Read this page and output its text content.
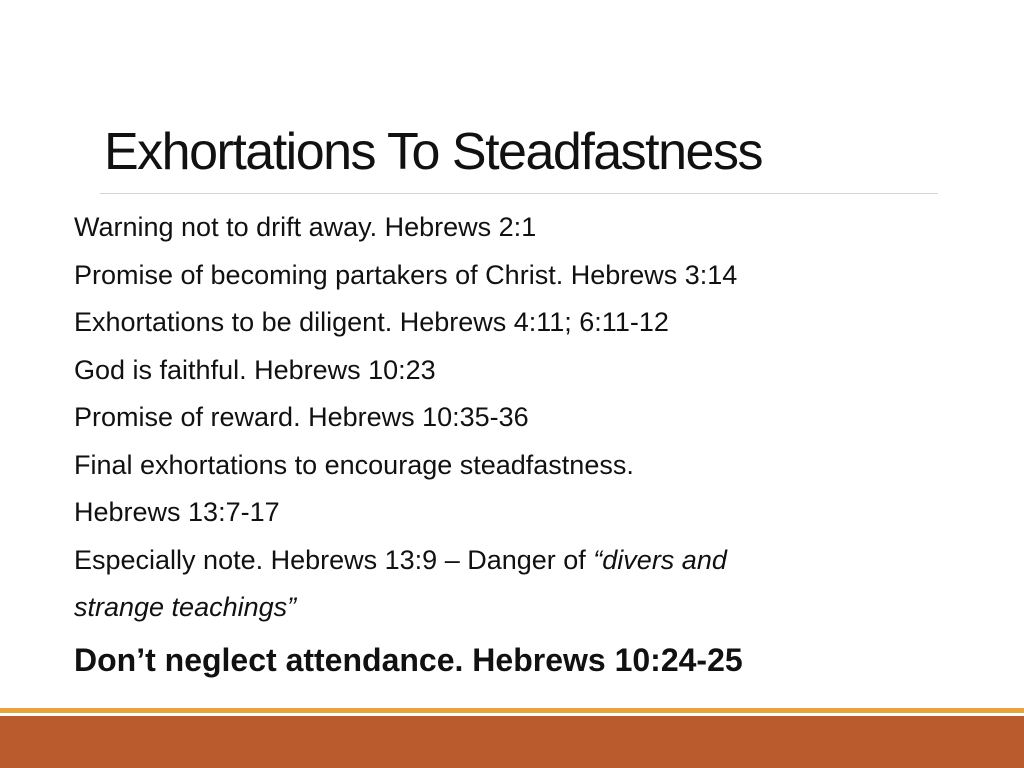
Exhortations To Steadfastness
Warning not to drift away. Hebrews 2:1
Promise of becoming partakers of Christ. Hebrews 3:14
Exhortations to be diligent. Hebrews 4:11; 6:11-12
God is faithful. Hebrews 10:23
Promise of reward. Hebrews 10:35-36
Final exhortations to encourage steadfastness.
Hebrews 13:7-17
Especially note. Hebrews 13:9 – Danger of “divers and
strange teachings”
Don’t neglect attendance. Hebrews 10:24-25
